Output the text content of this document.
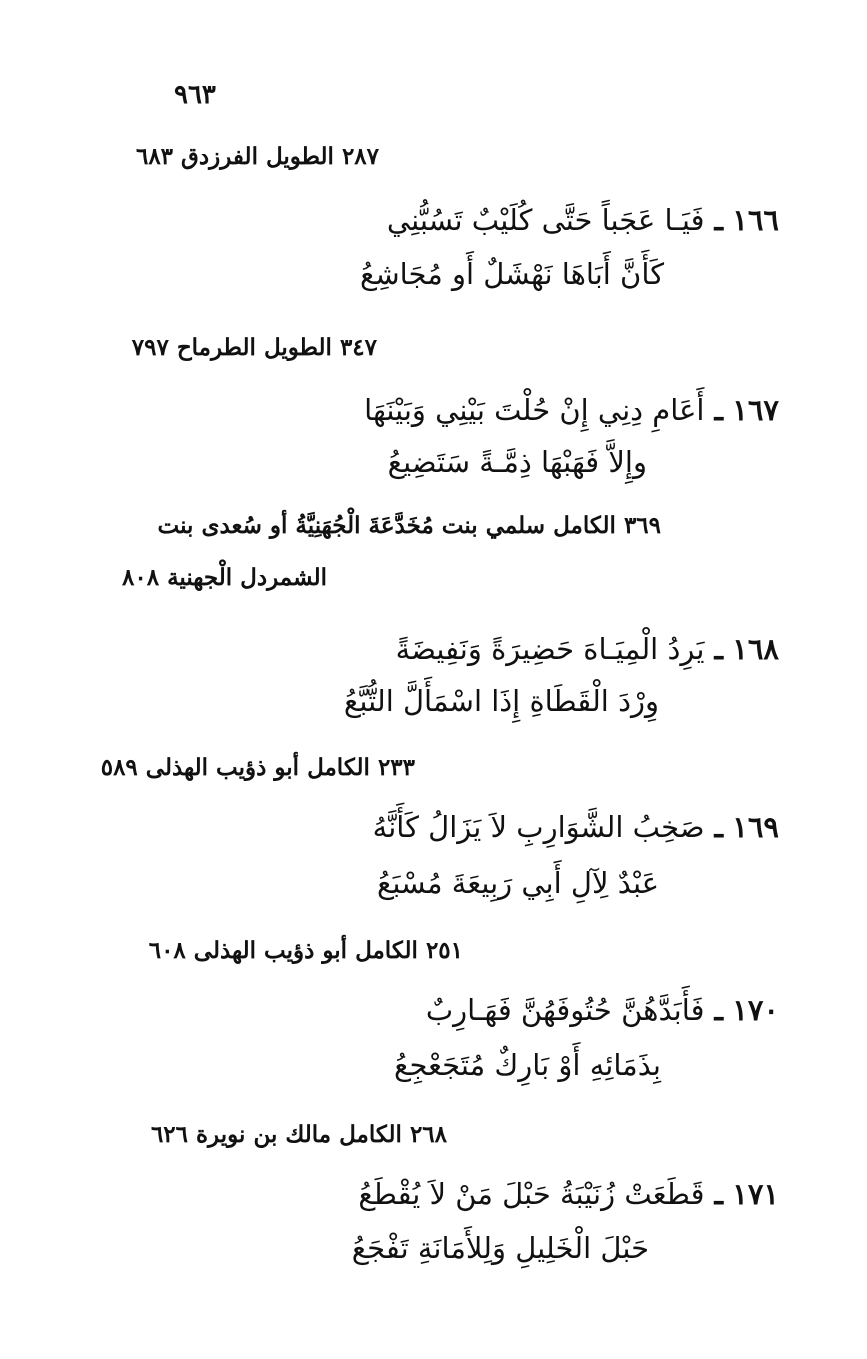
٩٦٣
٢٨٧ الطويل الفرزدق ٦٨٣
١٦٦ ـ فَيَـا عَجَباً حَتَّى كُلَيْبٌ تَسُبُّنِي
كَأَنَّ أَبَاهَا نَهْشَلٌ أَو مُجَاشِعُ
٣٤٧ الطويل الطرماح ٧٩٧
١٦٧ ـ أَعَامِ دِنِي إِنْ حُلْتَ بَيْنِي وَبَيْنَهَا
وإِلاَّ فَهَبْهَا ذِمَّـةً سَتَضِيعُ
٣٦٩ الكامل سلمي بنت مُخَدَّعَةَ الْجُهَنِيَّةُ أو سُعدى بنت
الشمردل الْجهنية ٨٠٨
١٦٨ ـ يَرِدُ الْمِيَـاهَ حَضِيرَةً وَنَفِيضَةً
وِرْدَ الْقَطَاةِ إِذَا اسْمَأَلَّ التُّبَّعُ
٢٣٣ الكامل أبو ذؤيب الهذلى ٥٨٩
١٦٩ ـ صَخِبُ الشَّوَارِبِ لاَ يَزَالُ كَأَنَّهُ
عَبْدٌ لِآلِ أَبِي رَبِيعَةَ مُسْبَعُ
٢٥١ الكامل أبو ذؤيب الهذلى ٦٠٨
١٧٠ ـ فَأَبَدَّهُنَّ حُتُوفَهُنَّ فَهَـارِبٌ
بِذَمَائِهِ أَوْ بَارِكٌ مُتَجَعْجِعُ
٢٦٨ الكامل مالك بن نويرة ٦٢٦
١٧١ ـ قَطَعَتْ زُنَيْبَةُ حَبْلَ مَنْ لاَ يُقْطَعُ
حَبْلَ الْخَلِيلِ وَلِلأَمَانَةِ تَفْجَعُ
